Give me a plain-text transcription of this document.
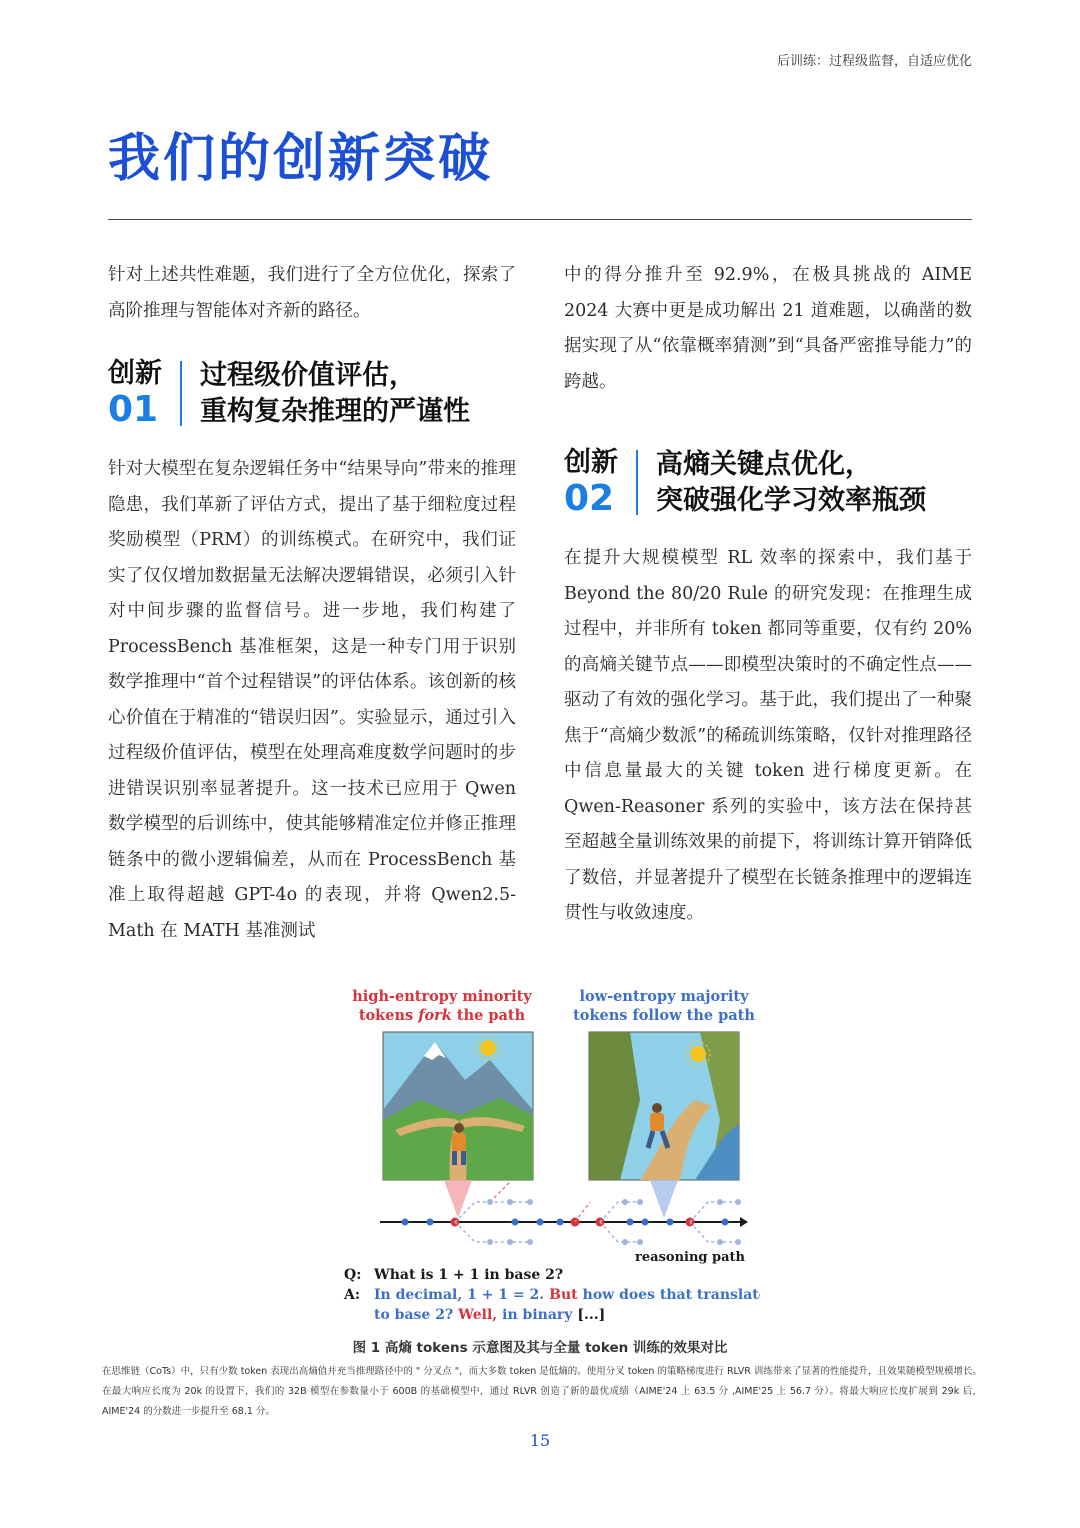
后训练：过程级监督，自适应优化
我们的创新突破

针对上述共性难题，我们进行了全方位优化，探索了高阶推理与智能体对齐新的路径。

创新
01
过程级价值评估，
重构复杂推理的严谨性

针对大模型在复杂逻辑任务中“结果导向”带来的推理隐患，我们革新了评估方式，提出了基于细粒度过程奖励模型（PRM）的训练模式。在研究中，我们证实了仅仅增加数据量无法解决逻辑错误，必须引入针对中间步骤的监督信号。进一步地，我们构建了 ProcessBench 基准框架，这是一种专门用于识别数学推理中“首个过程错误”的评估体系。该创新的核心价值在于精准的“错误归因”。实验显示，通过引入过程级价值评估，模型在处理高难度数学问题时的步进错误识别率显著提升。这一技术已应用于 Qwen 数学模型的后训练中，使其能够精准定位并修正推理链条中的微小逻辑偏差，从而在 ProcessBench 基准上取得超越 GPT-4o 的表现，并将 Qwen2.5-Math 在 MATH 基准测试

中的得分推升至 92.9%，在极具挑战的 AIME 2024 大赛中更是成功解出 21 道难题，以确凿的数据实现了从“依靠概率猜测”到“具备严密推导能力”的跨越。

创新
02
高熵关键点优化，
突破强化学习效率瓶颈

在提升大规模模型 RL 效率的探索中，我们基于 Beyond the 80/20 Rule 的研究发现：在推理生成过程中，并非所有 token 都同等重要，仅有约 20% 的高熵关键节点——即模型决策时的不确定性点——驱动了有效的强化学习。基于此，我们提出了一种聚焦于“高熵少数派”的稀疏训练策略，仅针对推理路径中信息量最大的关键 token 进行梯度更新。在 Qwen-Reasoner 系列的实验中，该方法在保持甚至超越全量训练效果的前提下，将训练计算开销降低了数倍，并显著提升了模型在长链条推理中的逻辑连贯性与收敛速度。

high-entropy minority
tokens fork the path
low-entropy majority
tokens follow the path
reasoning path
Q: What is 1 + 1 in base 2?
A: In decimal, 1 + 1 = 2. But how does that translate
to base 2? Well, in binary [...]
图 1 高熵 tokens 示意图及其与全量 token 训练的效果对比
在思维链（CoTs）中，只有少数 token 表现出高熵值并充当推理路径中的 " 分叉点 "，而大多数 token 是低熵的。使用分叉 token 的策略梯度进行 RLVR 训练带来了显著的性能提升，且效果随模型规模增长。在最大响应长度为 20k 的设置下，我们的 32B 模型在参数量小于 600B 的基础模型中，通过 RLVR 创造了新的最优成绩（AIME'24 上 63.5 分 ,AIME'25 上 56.7 分）。将最大响应长度扩展到 29k 后，AIME'24 的分数进一步提升至 68.1 分。
15
